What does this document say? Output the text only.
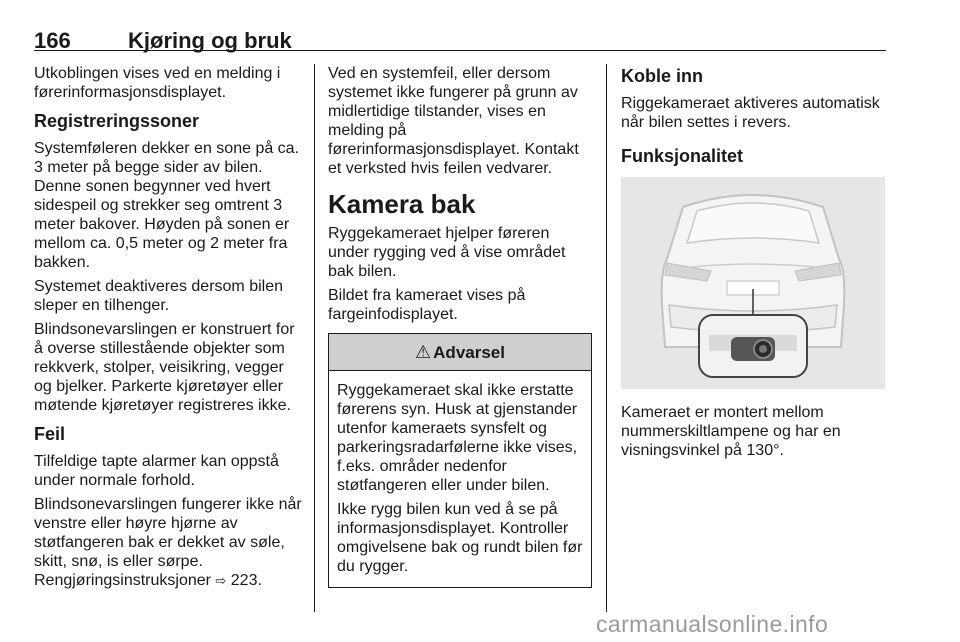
166	Kjøring og bruk

Utkoblingen vises ved en melding i førerinformasjonsdisplayet.

Registreringssoner

Systemføleren dekker en sone på ca. 3 meter på begge sider av bilen. Denne sonen begynner ved hvert sidespeil og strekker seg omtrent 3 meter bakover. Høyden på sonen er mellom ca. 0,5 meter og 2 meter fra bakken.

Systemet deaktiveres dersom bilen sleper en tilhenger.

Blindsonevarslingen er konstruert for å overse stillestående objekter som rekkverk, stolper, veisikring, vegger og bjelker. Parkerte kjøretøyer eller møtende kjøretøyer registreres ikke.

Feil

Tilfeldige tapte alarmer kan oppstå under normale forhold.

Blindsonevarslingen fungerer ikke når venstre eller høyre hjørne av støtfangeren bak er dekket av søle, skitt, snø, is eller sørpe. Rengjøringsinstruksjoner ⇨ 223.

Ved en systemfeil, eller dersom systemet ikke fungerer på grunn av midlertidige tilstander, vises en melding på førerinformasjonsdisplayet. Kontakt et verksted hvis feilen vedvarer.

Kamera bak

Ryggekameraet hjelper føreren under rygging ved å vise området bak bilen.

Bildet fra kameraet vises på fargeinfodisplayet.

⚠ Advarsel

Ryggekameraet skal ikke erstatte førerens syn. Husk at gjenstander utenfor kameraets synsfelt og parkeringsradarfølerne ikke vises, f.eks. områder nedenfor støtfangeren eller under bilen.

Ikke rygg bilen kun ved å se på informasjonsdisplayet. Kontroller omgivelsene bak og rundt bilen før du rygger.

Koble inn

Riggekameraet aktiveres automatisk når bilen settes i revers.

Funksjonalitet

Kameraet er montert mellom nummerskiltlampene og har en visningsvinkel på 130°.

carmanualsonline.info
